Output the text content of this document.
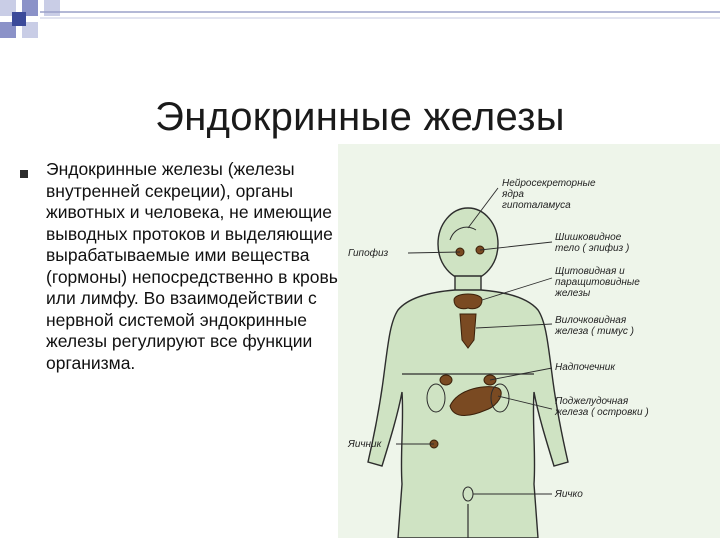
Эндокринные железы

Эндокринные железы (железы внутренней секреции), органы животных и человека, не имеющие выводных протоков и выделяющие вырабатываемые ими вещества (гормоны) непосредственно в кровь или лимфу. Во взаимодействии с нервной системой эндокринные железы регулируют все функции организма.

Нейросекреторные
ядра
гипоталамуса
Гипофиз
Шишковидное
тело ( эпифиз )
Щитовидная и
паращитовидные
железы
Вилочковидная
железа ( тимус )
Надпочечник
Поджелудочная
железа ( островки )
Яичник
Яичко
